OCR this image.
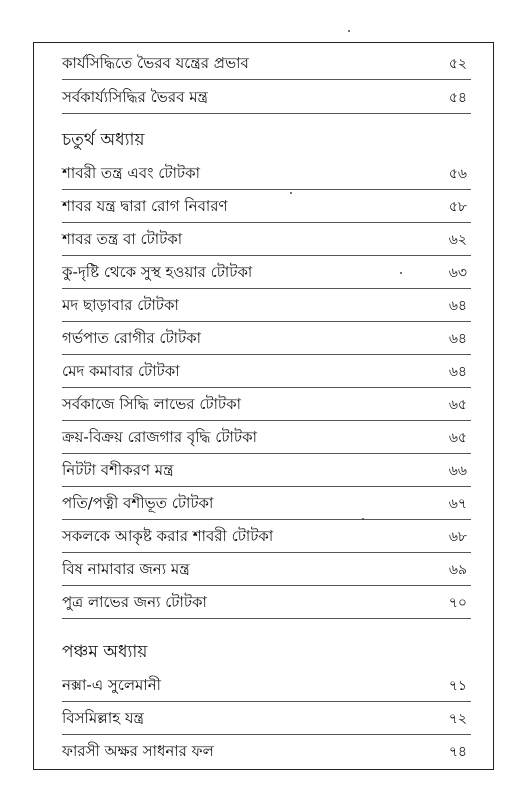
কার্যসিদ্ধিতে ভৈরব যন্ত্রের প্রভাব	৫২
সর্বকার্য্যসিদ্ধির ভৈরব মন্ত্র	৫৪
চতুর্থ অধ্যায়
শাবরী তন্ত্র এবং টোটকা	৫৬
শাবর যন্ত্র দ্বারা রোগ নিবারণ	৫৮
শাবর তন্ত্র বা টোটকা	৬২
কু-দৃষ্টি থেকে সুস্থ হওয়ার টোটকা	৬৩
মদ ছাড়াবার টোটকা	৬৪
গর্ভপাত রোগীর টোটকা	৬৪
মেদ কমাবার টোটকা	৬৪
সর্বকাজে সিদ্ধি লাভের টোটকা	৬৫
ক্রয়-বিক্রয় রোজগার বৃদ্ধি টোটকা	৬৫
নিটটা বশীকরণ মন্ত্র	৬৬
পতি/পত্নী বশীভূত টোটকা	৬৭
সকলকে আকৃষ্ট করার শাবরী টোটকা	৬৮
বিষ নামাবার জন্য মন্ত্র	৬৯
পুত্র লাভের জন্য টোটকা	৭০
পঞ্চম অধ্যায়
নক্সা-এ সুলেমানী	৭১
বিসমিল্লাহ যন্ত্র	৭২
ফারসী অক্ষর সাধনার ফল	৭৪
